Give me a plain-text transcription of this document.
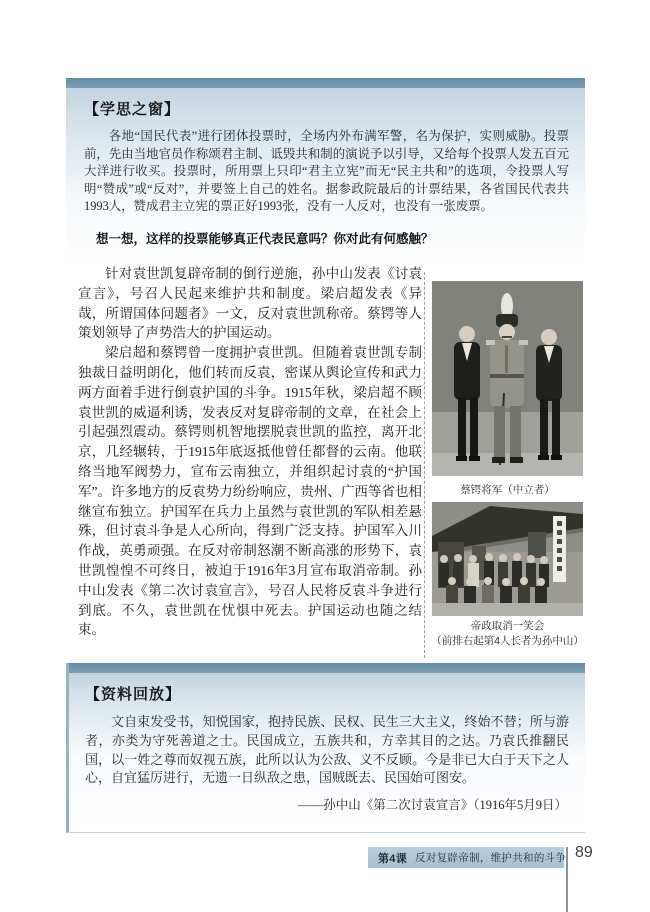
【学思之窗】
各地“国民代表”进行团体投票时，全场内外布满军警，名为保护，实则威胁。投票前，先由当地官员作称颂君主制、诋毁共和制的演说予以引导，又给每个投票人发五百元大洋进行收买。投票时，所用票上只印“君主立宪”而无“民主共和”的选项，令投票人写明“赞成”或“反对”，并要签上自己的姓名。据参政院最后的计票结果，各省国民代表共1993人，赞成君主立宪的票正好1993张，没有一人反对，也没有一张废票。
想一想，这样的投票能够真正代表民意吗？你对此有何感触？

针对袁世凯复辟帝制的倒行逆施，孙中山发表《讨袁宣言》，号召人民起来维护共和制度。梁启超发表《异哉，所谓国体问题者》一文，反对袁世凯称帝。蔡锷等人策划领导了声势浩大的护国运动。

梁启超和蔡锷曾一度拥护袁世凯。但随着袁世凯专制独裁日益明朗化，他们转而反袁，密谋从舆论宣传和武力两方面着手进行倒袁护国的斗争。1915年秋，梁启超不顾袁世凯的威逼利诱，发表反对复辟帝制的文章，在社会上引起强烈震动。蔡锷则机智地摆脱袁世凯的监控，离开北京，几经辗转，于1915年底返抵他曾任都督的云南。他联络当地军阀势力，宣布云南独立，并组织起讨袁的“护国军”。许多地方的反袁势力纷纷响应，贵州、广西等省也相继宣布独立。护国军在兵力上虽然与袁世凯的军队相差悬殊，但讨袁斗争是人心所向，得到广泛支持。护国军入川作战，英勇顽强。在反对帝制怒潮不断高涨的形势下，袁世凯惶惶不可终日，被迫于1916年3月宣布取消帝制。孙中山发表《第二次讨袁宣言》，号召人民将反袁斗争进行到底。不久，袁世凯在忧惧中死去。护国运动也随之结束。

蔡锷将军（中立者）
帝政取消一笑会
（前排右起第4人长者为孙中山）
【资料回放】
文自束发受书，知悦国家，抱持民族、民权、民生三大主义，终始不替；所与游者，亦类为守死善道之士。民国成立，五族共和，方幸其目的之达。乃袁氏推翻民国，以一姓之尊而奴视五族，此所以认为公敌、义不反顾。今是非已大白于天下之人心，自宜猛厉进行，无遗一日纵敌之患，国贼既去、民国始可图安。
——孙中山《第二次讨袁宣言》（1916年5月9日）
第4课 反对复辟帝制，维护共和的斗争 89
